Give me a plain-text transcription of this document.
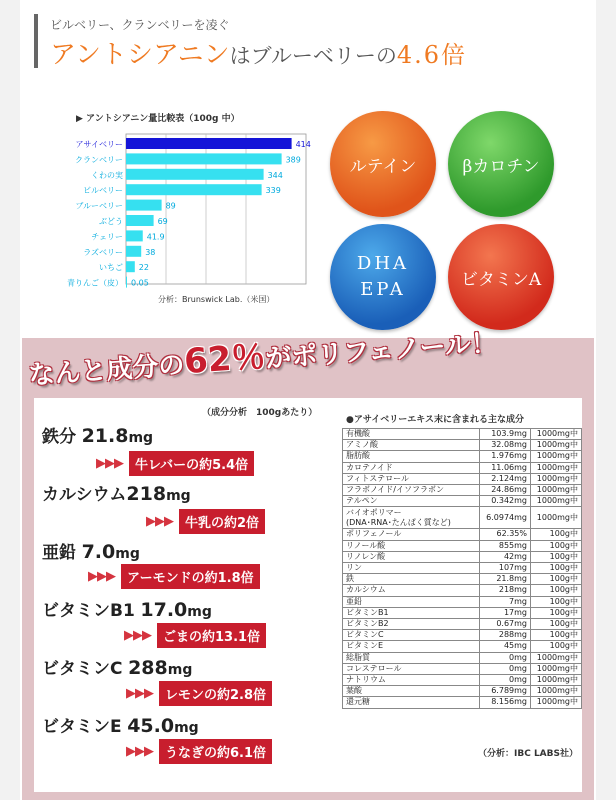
ビルベリー、クランベリーを凌ぐ
アントシアニンはブルーベリーの4.6倍
▶ アントシアニン量比較表（100g 中）
アサイベリー	414
クランベリー	389
くわの実	344
ビルベリー	339
ブルーベリー	89
ぶどう	69
チェリー	41.9
ラズベリー	38
いちご 22
青りんご（皮） 0.05
分析：Brunswick Lab.（米国）
ルテイン	βカロチン
DHA
EPA	ビタミンA
なんと成分の62％がポリフェノール！
（成分分析　100gあたり）
鉄分 21.8mg
▶▶▶ 牛レバーの約5.4倍
カルシウム218mg
▶▶▶ 牛乳の約2倍
亜鉛 7.0mg
▶▶▶ アーモンドの約1.8倍
ビタミンB1 17.0mg
▶▶▶ ごまの約13.1倍
ビタミンC 288mg
▶▶▶ レモンの約2.8倍
ビタミンE 45.0mg
▶▶▶ うなぎの約6.1倍
●アサイベリーエキス末に含まれる主な成分
有機酸	103.9mg	1000mg中
アミノ酸	32.08mg	1000mg中
脂肪酸	1.976mg	1000mg中
カロテノイド	11.06mg	1000mg中
フィトステロール	2.124mg	1000mg中
フラボノイド/イソフラボン	24.86mg	1000mg中
テルペン	0.342mg	1000mg中
バイオポリマー
(DNA･RNA･たんぱく質など)	6.0974mg	1000mg中
ポリフェノール	62.35%	100g中
リノール酸	855mg	100g中
リノレン酸	42mg	100g中
リン	107mg	100g中
鉄	21.8mg	100g中
カルシウム	218mg	100g中
亜鉛	7mg	100g中
ビタミンB1	17mg	100g中
ビタミンB2	0.67mg	100g中
ビタミンC	288mg	100g中
ビタミンE	45mg	100g中
総脂質	0mg	1000mg中
コレステロール	0mg	1000mg中
ナトリウム	0mg	1000mg中
葉酸	6.789mg	1000mg中
還元糖	8.156mg	1000mg中
（分析：IBC LABS社）
